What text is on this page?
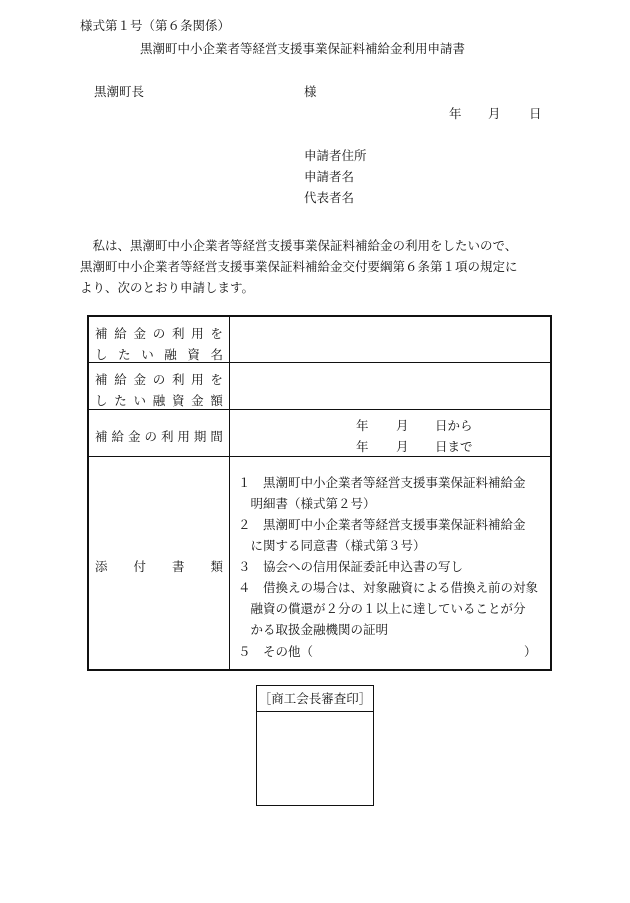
様式第１号（第６条関係）
黒潮町中小企業者等経営支援事業保証料補給金利用申請書
黒潮町長	様
年 月 日
申請者住所
申請者名
代表者名
　私は、黒潮町中小企業者等経営支援事業保証料補給金の利用をしたいので、
黒潮町中小企業者等経営支援事業保証料補給金交付要綱第６条第１項の規定に
より、次のとおり申請します。
補 給 金 の 利 用 を
し た い 融 資 名
補 給 金 の 利 用 を
し た い 融 資 金 額
補 給 金 の 利 用 期 間
年 月 日から
年 月 日まで
添 付 書 類
１　黒潮町中小企業者等経営支援事業保証料補給金
　明細書（様式第２号）
２　黒潮町中小企業者等経営支援事業保証料補給金
　に関する同意書（様式第３号）
３　協会への信用保証委託申込書の写し
４　借換えの場合は、対象融資による借換え前の対象
　融資の償還が２分の１以上に達していることが分
　かる取扱金融機関の証明
５　その他（	）
［商工会長審査印］
